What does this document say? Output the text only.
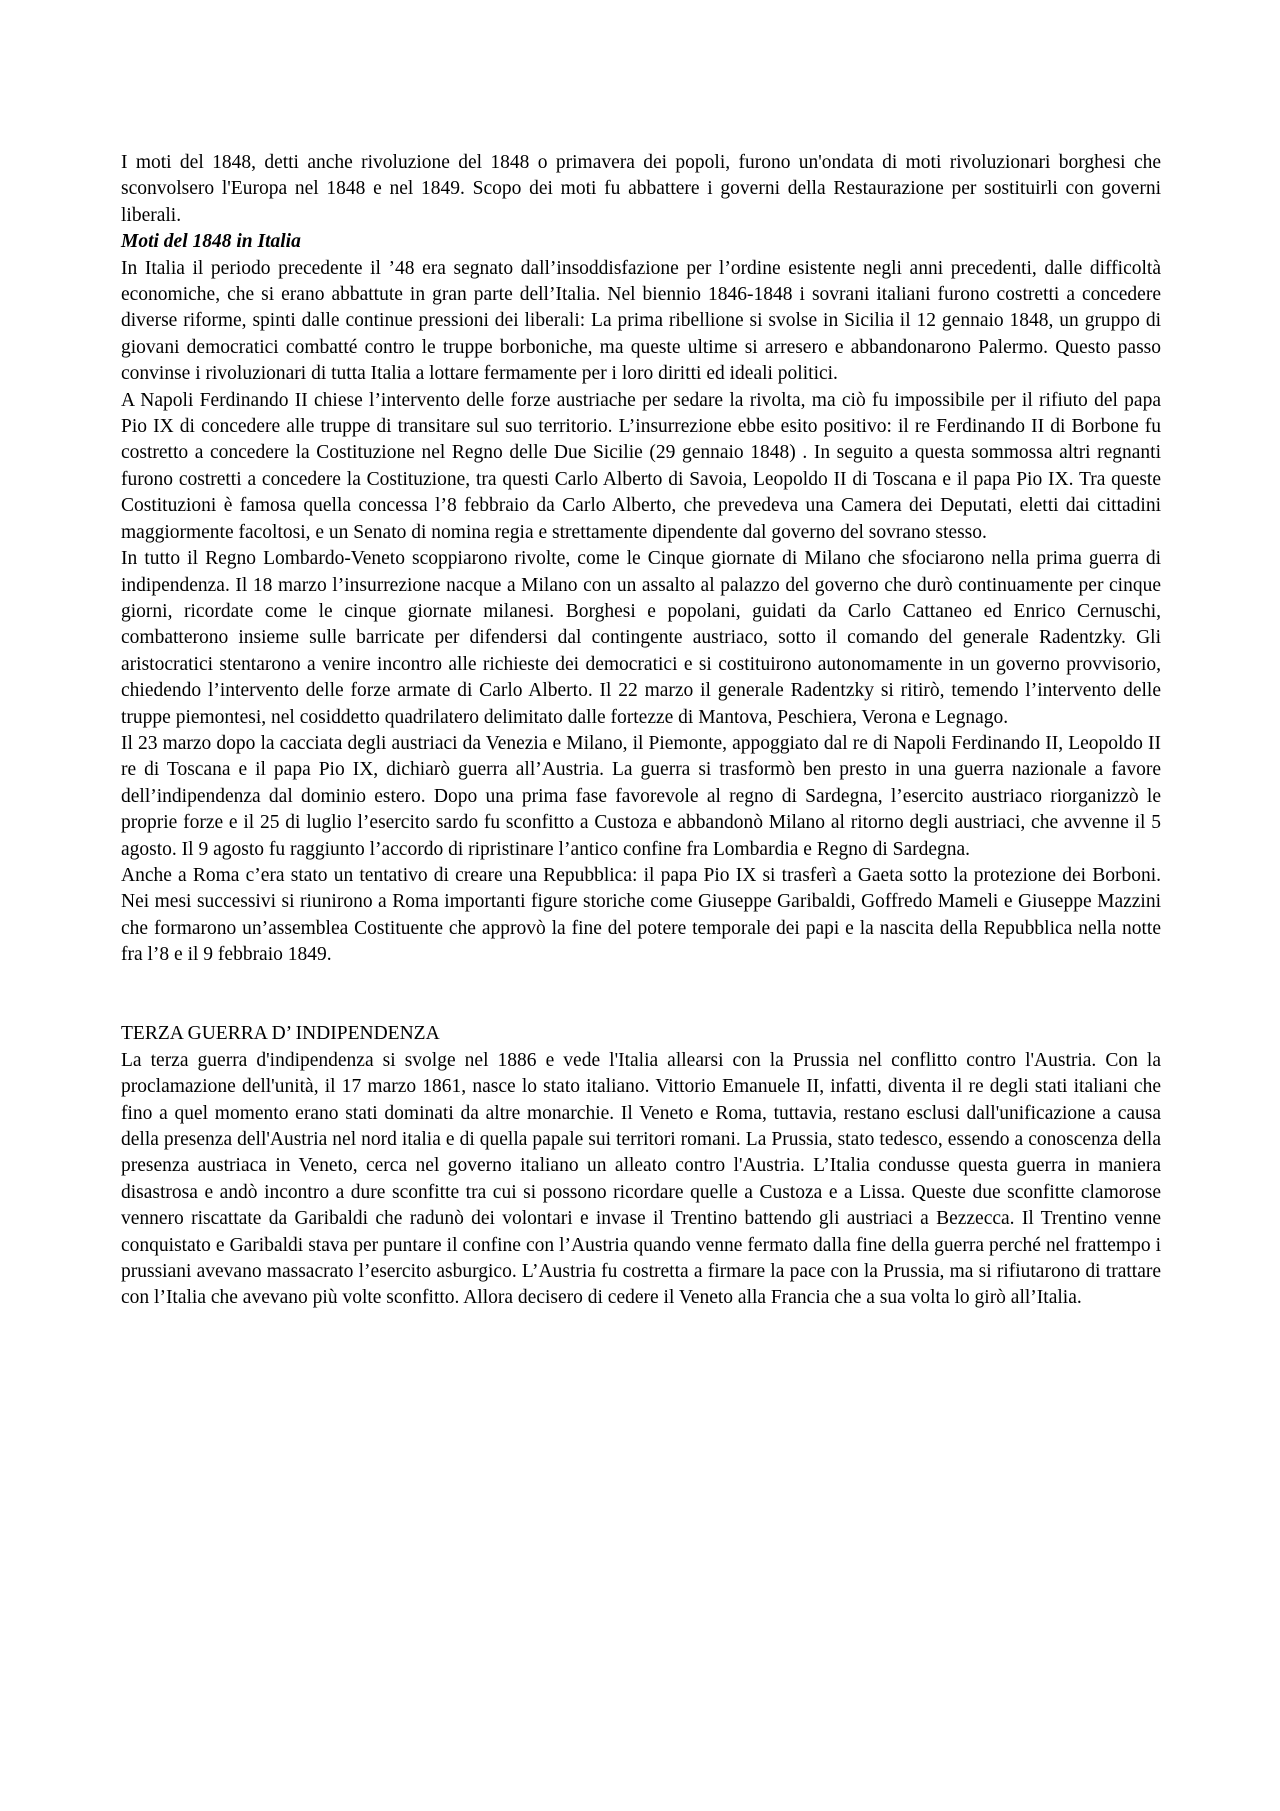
I moti del 1848, detti anche rivoluzione del 1848 o primavera dei popoli, furono un'ondata di moti rivoluzionari borghesi che sconvolsero l'Europa nel 1848 e nel 1849. Scopo dei moti fu abbattere i governi della Restaurazione per sostituirli con governi liberali.

Moti del 1848 in Italia

In Italia il periodo precedente il ’48 era segnato dall’insoddisfazione per l’ordine esistente negli anni precedenti, dalle difficoltà economiche, che si erano abbattute in gran parte dell’Italia. Nel biennio 1846-1848 i sovrani italiani furono costretti a concedere diverse riforme, spinti dalle continue pressioni dei liberali: La prima ribellione si svolse in Sicilia il 12 gennaio 1848, un gruppo di giovani democratici combatté contro le truppe borboniche, ma queste ultime si arresero e abbandonarono Palermo. Questo passo convinse i rivoluzionari di tutta Italia a lottare fermamente per i loro diritti ed ideali politici.

A Napoli Ferdinando II chiese l’intervento delle forze austriache per sedare la rivolta, ma ciò fu impossibile per il rifiuto del papa Pio IX di concedere alle truppe di transitare sul suo territorio. L’insurrezione ebbe esito positivo: il re Ferdinando II di Borbone fu costretto a concedere la Costituzione nel Regno delle Due Sicilie (29 gennaio 1848) . In seguito a questa sommossa altri regnanti furono costretti a concedere la Costituzione, tra questi Carlo Alberto di Savoia, Leopoldo II di Toscana e il papa Pio IX. Tra queste Costituzioni è famosa quella concessa l’8 febbraio da Carlo Alberto, che prevedeva una Camera dei Deputati, eletti dai cittadini maggiormente facoltosi, e un Senato di nomina regia e strettamente dipendente dal governo del sovrano stesso.

In tutto il Regno Lombardo-Veneto scoppiarono rivolte, come le Cinque giornate di Milano che sfociarono nella prima guerra di indipendenza. Il 18 marzo l’insurrezione nacque a Milano con un assalto al palazzo del governo che durò continuamente per cinque giorni, ricordate come le cinque giornate milanesi. Borghesi e popolani, guidati da Carlo Cattaneo ed Enrico Cernuschi, combatterono insieme sulle barricate per difendersi dal contingente austriaco, sotto il comando del generale Radentzky. Gli aristocratici stentarono a venire incontro alle richieste dei democratici e si costituirono autonomamente in un governo provvisorio, chiedendo l’intervento delle forze armate di Carlo Alberto. Il 22 marzo il generale Radentzky si ritirò, temendo l’intervento delle truppe piemontesi, nel cosiddetto quadrilatero delimitato dalle fortezze di Mantova, Peschiera, Verona e Legnago.

Il 23 marzo dopo la cacciata degli austriaci da Venezia e Milano, il Piemonte, appoggiato dal re di Napoli Ferdinando II, Leopoldo II re di Toscana e il papa Pio IX, dichiarò guerra all’Austria. La guerra si trasformò ben presto in una guerra nazionale a favore dell’indipendenza dal dominio estero. Dopo una prima fase favorevole al regno di Sardegna, l’esercito austriaco riorganizzò le proprie forze e il 25 di luglio l’esercito sardo fu sconfitto a Custoza e abbandonò Milano al ritorno degli austriaci, che avvenne il 5 agosto. Il 9 agosto fu raggiunto l’accordo di ripristinare l’antico confine fra Lombardia e Regno di Sardegna.

Anche a Roma c’era stato un tentativo di creare una Repubblica: il papa Pio IX si trasferì a Gaeta sotto la protezione dei Borboni. Nei mesi successivi si riunirono a Roma importanti figure storiche come Giuseppe Garibaldi, Goffredo Mameli e Giuseppe Mazzini che formarono un’assemblea Costituente che approvò la fine del potere temporale dei papi e la nascita della Repubblica nella notte fra l’8 e il 9 febbraio 1849.

TERZA GUERRA D’ INDIPENDENZA

La terza guerra d'indipendenza si svolge nel 1886 e vede l'Italia allearsi con la Prussia nel conflitto contro l'Austria. Con la proclamazione dell'unità, il 17 marzo 1861, nasce lo stato italiano. Vittorio Emanuele II, infatti, diventa il re degli stati italiani che fino a quel momento erano stati dominati da altre monarchie. Il Veneto e Roma, tuttavia, restano esclusi dall'unificazione a causa della presenza dell'Austria nel nord italia e di quella papale sui territori romani. La Prussia, stato tedesco, essendo a conoscenza della presenza austriaca in Veneto, cerca nel governo italiano un alleato contro l'Austria. L’Italia condusse questa guerra in maniera disastrosa e andò incontro a dure sconfitte tra cui si possono ricordare quelle a Custoza e a Lissa. Queste due sconfitte clamorose vennero riscattate da Garibaldi che radunò dei volontari e invase il Trentino battendo gli austriaci a Bezzecca. Il Trentino venne conquistato e Garibaldi stava per puntare il confine con l’Austria quando venne fermato dalla fine della guerra perché nel frattempo i prussiani avevano massacrato l’esercito asburgico. L’Austria fu costretta a firmare la pace con la Prussia, ma si rifiutarono di trattare con l’Italia che avevano più volte sconfitto. Allora decisero di cedere il Veneto alla Francia che a sua volta lo girò all’Italia.
